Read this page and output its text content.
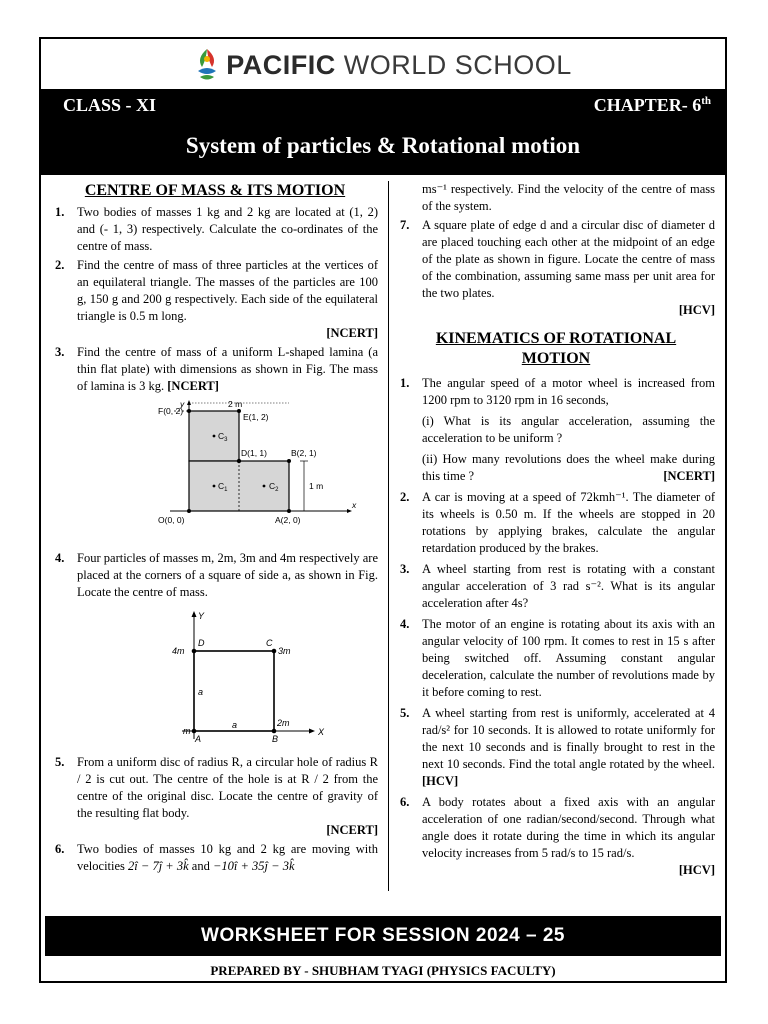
PACIFIC WORLD SCHOOL
CLASS - XI	CHAPTER- 6th
System of particles & Rotational motion
CENTRE OF MASS & ITS MOTION
1. Two bodies of masses 1 kg and 2 kg are located at (1, 2) and (- 1, 3) respectively. Calculate the co-ordinates of the centre of mass.
2. Find the centre of mass of three particles at the vertices of an equilateral triangle. The masses of the particles are 100 g, 150 g and 200 g respectively. Each side of the equilateral triangle is 0.5 m long.
[NCERT]
3. Find the centre of mass of a uniform L-shaped lamina (a thin flat plate) with dimensions as shown in Fig. The mass of lamina is 3 kg. [NCERT]
y
x
F(0, 2)
E(1, 2)
D(1, 1)	B(2, 1)
O(0, 0)	A(2, 0)
$C_3$
$C_1$	$C_2$
2 m
1 m
4. Four particles of masses m, 2m, 3m and 4m respectively are placed at the corners of a square of side a, as shown in Fig. Locate the centre of mass.
Y
X
D	C
A	B
4m	3m
m
2m
a
a
5. From a uniform disc of radius R, a circular hole of radius R / 2 is cut out. The centre of the hole is at R / 2 from the centre of the original disc. Locate the centre of gravity of the resulting flat body.
[NCERT]
6. Two bodies of masses 10 kg and 2 kg are moving with velocities 2î − 7ĵ + 3k̂ and −10î + 35ĵ − 3k̂
ms⁻¹ respectively. Find the velocity of the centre of mass of the system.
7. A square plate of edge d and a circular disc of diameter d are placed touching each other at the midpoint of an edge of the plate as shown in figure. Locate the centre of mass of the combination, assuming same mass per unit area for the two plates.
[HCV]
KINEMATICS OF ROTATIONAL
MOTION
1. The angular speed of a motor wheel is increased from 1200 rpm to 3120 rpm in 16 seconds,
(i) What is its angular acceleration, assuming the acceleration to be uniform ?
(ii) How many revolutions does the wheel make during this time ?	[NCERT]
2. A car is moving at a speed of 72kmh⁻¹. The diameter of its wheels is 0.50 m. If the wheels are stopped in 20 rotations by applying brakes, calculate the angular retardation produced by the brakes.
3. A wheel starting from rest is rotating with a constant angular acceleration of 3 rad s⁻². What is its angular acceleration after 4s?
4. The motor of an engine is rotating about its axis with an angular velocity of 100 rpm. It comes to rest in 15 s after being switched off. Assuming constant angular deceleration, calculate the number of revolutions made by it before coming to rest.
5. A wheel starting from rest is uniformly, accelerated at 4 rad/s² for 10 seconds. It is allowed to rotate uniformly for the next 10 seconds and is finally brought to rest in the next 10 seconds. Find the total angle rotated by the wheel. [HCV]
6. A body rotates about a fixed axis with an angular acceleration of one radian/second/second. Through what angle does it rotate during the time in which its angular velocity increases from 5 rad/s to 15 rad/s.
[HCV]
WORKSHEET FOR SESSION 2024 – 25
PREPARED BY - SHUBHAM TYAGI (PHYSICS FACULTY)
